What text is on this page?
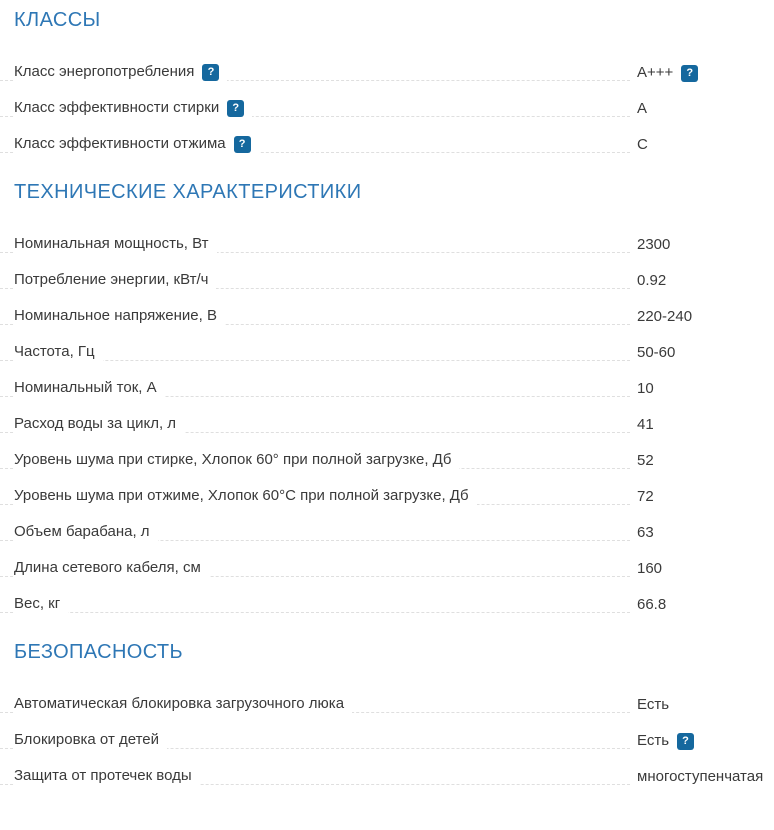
КЛАССЫ
Класс энергопотребления	?	A+++	?
Класс эффективности стирки	?	A
Класс эффективности отжима	?	C
ТЕХНИЧЕСКИЕ ХАРАКТЕРИСТИКИ
Номинальная мощность, Вт	2300
Потребление энергии, кВт/ч	0.92
Номинальное напряжение, В	220-240
Частота, Гц	50-60
Номинальный ток, А	10
Расход воды за цикл, л	41
Уровень шума при стирке, Хлопок 60° при полной загрузке, Дб	52
Уровень шума при отжиме, Хлопок 60°С при полной загрузке, Дб	72
Объем барабана, л	63
Длина сетевого кабеля, см	160
Вес, кг	66.8
БЕЗОПАСНОСТЬ
Автоматическая блокировка загрузочного люка	Есть
Блокировка от детей	Есть	?
Защита от протечек воды	многоступенчатая
